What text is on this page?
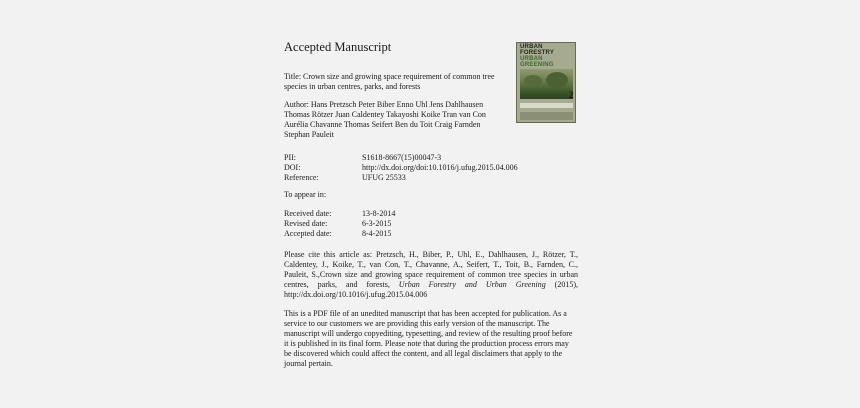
Accepted Manuscript

Title: Crown size and growing space requirement of common tree species in urban centres, parks, and forests

Author: Hans Pretzsch Peter Biber Enno Uhl Jens Dahlhausen Thomas Rötzer Juan Caldentey Takayoshi Koike Tran van Con Aurélia Chavanne Thomas Seifert Ben du Toit Craig Farnden Stephan Pauleit

PII:	S1618-8667(15)00047-3
DOI:	http://dx.doi.org/doi:10.1016/j.ufug.2015.04.006
Reference:	UFUG 25533
To appear in:
Received date:	13-8-2014
Revised date:	6-3-2015
Accepted date:	8-4-2015

Please cite this article as: Pretzsch, H., Biber, P., Uhl, E., Dahlhausen, J., Rötzer, T., Caldentey, J., Koike, T., van Con, T., Chavanne, A., Seifert, T., Toit, B., Farnden, C., Pauleit, S.,Crown size and growing space requirement of common tree species in urban centres, parks, and forests, Urban Forestry and Urban Greening (2015), http://dx.doi.org/10.1016/j.ufug.2015.04.006

This is a PDF file of an unedited manuscript that has been accepted for publication. As a service to our customers we are providing this early version of the manuscript. The manuscript will undergo copyediting, typesetting, and review of the resulting proof before it is published in its final form. Please note that during the production process errors may be discovered which could affect the content, and all legal disclaimers that apply to the journal pertain.

URBAN
FORESTRY
URBAN
GREENING
2
